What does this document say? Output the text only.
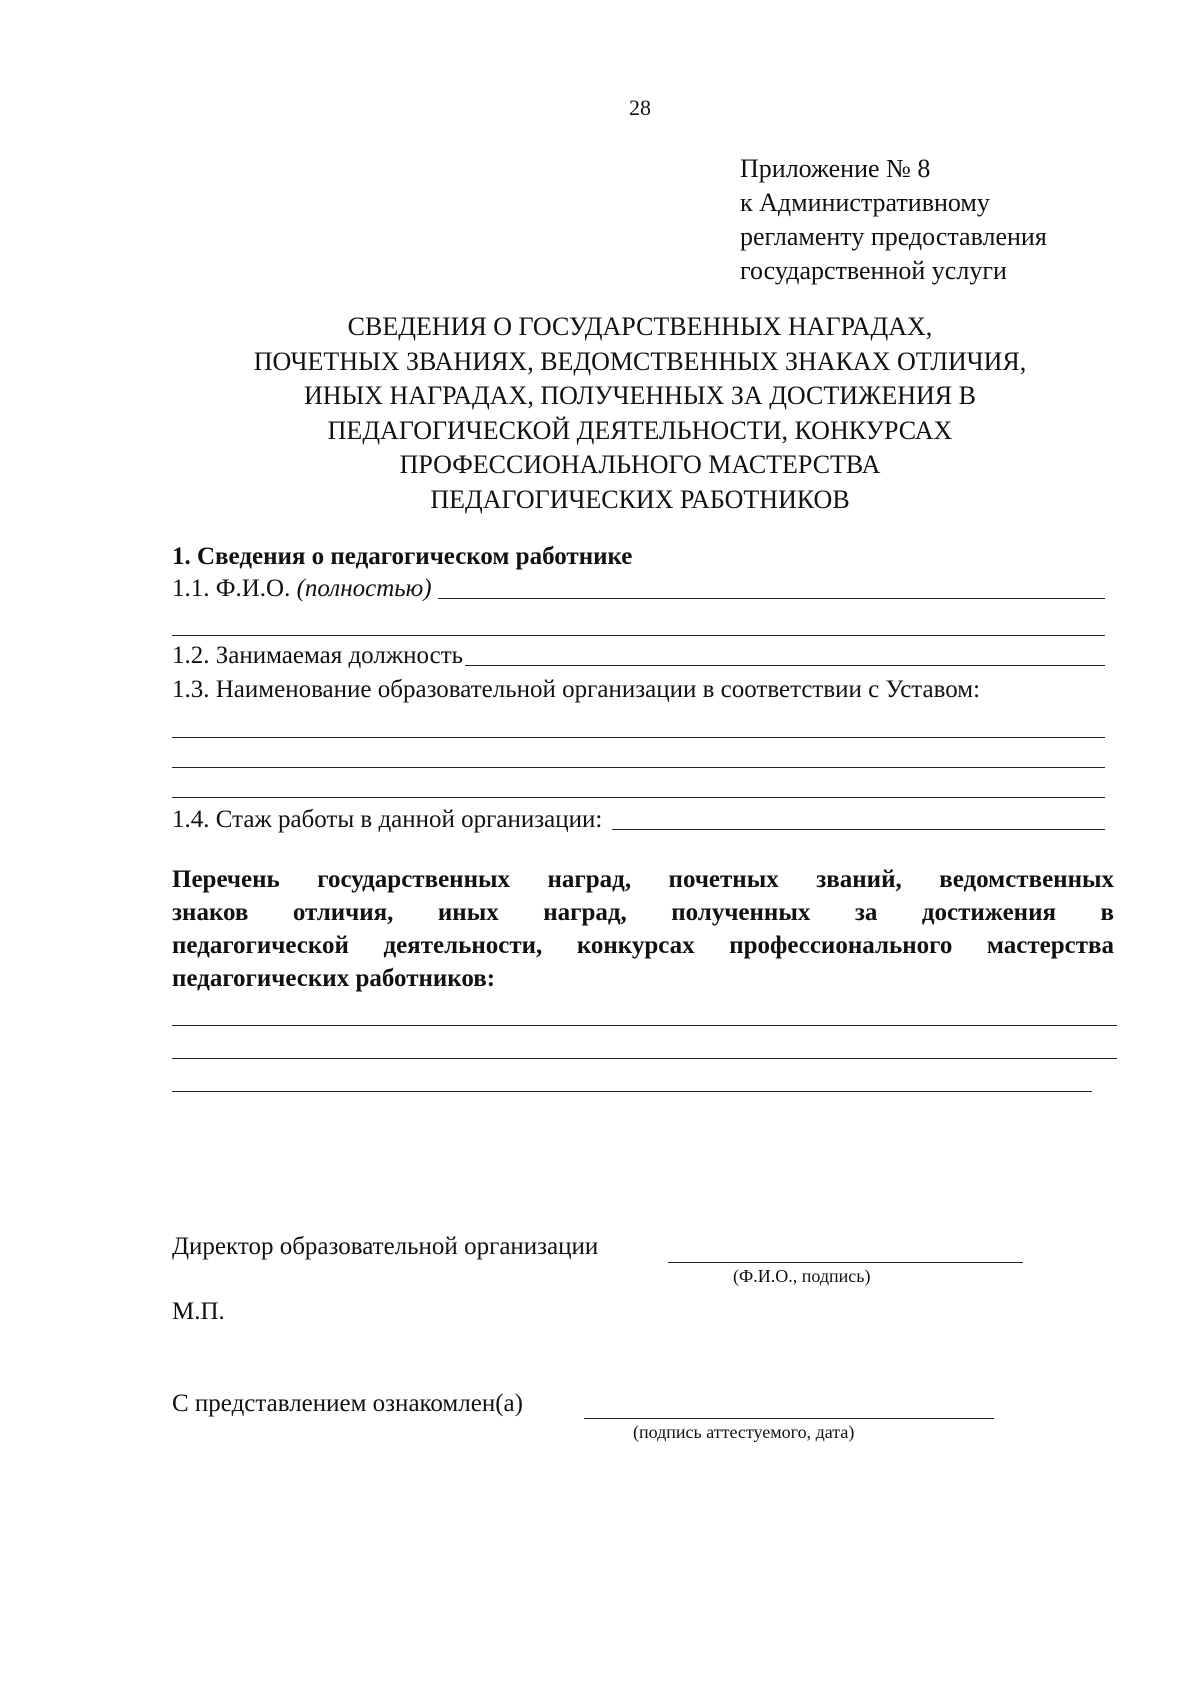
28
Приложение № 8
к Административному
регламенту предоставления
государственной услуги
СВЕДЕНИЯ О ГОСУДАРСТВЕННЫХ НАГРАДАХ,
ПОЧЕТНЫХ ЗВАНИЯХ, ВЕДОМСТВЕННЫХ ЗНАКАХ ОТЛИЧИЯ,
ИНЫХ НАГРАДАХ, ПОЛУЧЕННЫХ ЗА ДОСТИЖЕНИЯ В
ПЕДАГОГИЧЕСКОЙ ДЕЯТЕЛЬНОСТИ, КОНКУРСАХ
ПРОФЕССИОНАЛЬНОГО МАСТЕРСТВА
ПЕДАГОГИЧЕСКИХ РАБОТНИКОВ
1. Сведения о педагогическом работнике
1.1. Ф.И.О.
(полностью)
1.2. Занимаемая должность
1.3. Наименование образовательной организации в соответствии с Уставом:
1.4. Стаж работы в данной организации:
Перечень государственных наград, почетных званий, ведомственных
знаков отличия, иных наград, полученных за достижения в
педагогической деятельности, конкурсах профессионального мастерства
педагогических работников:
Директор образовательной организации
(Ф.И.О., подпись)
М.П.
С представлением ознакомлен(а)
(подпись аттестуемого, дата)
